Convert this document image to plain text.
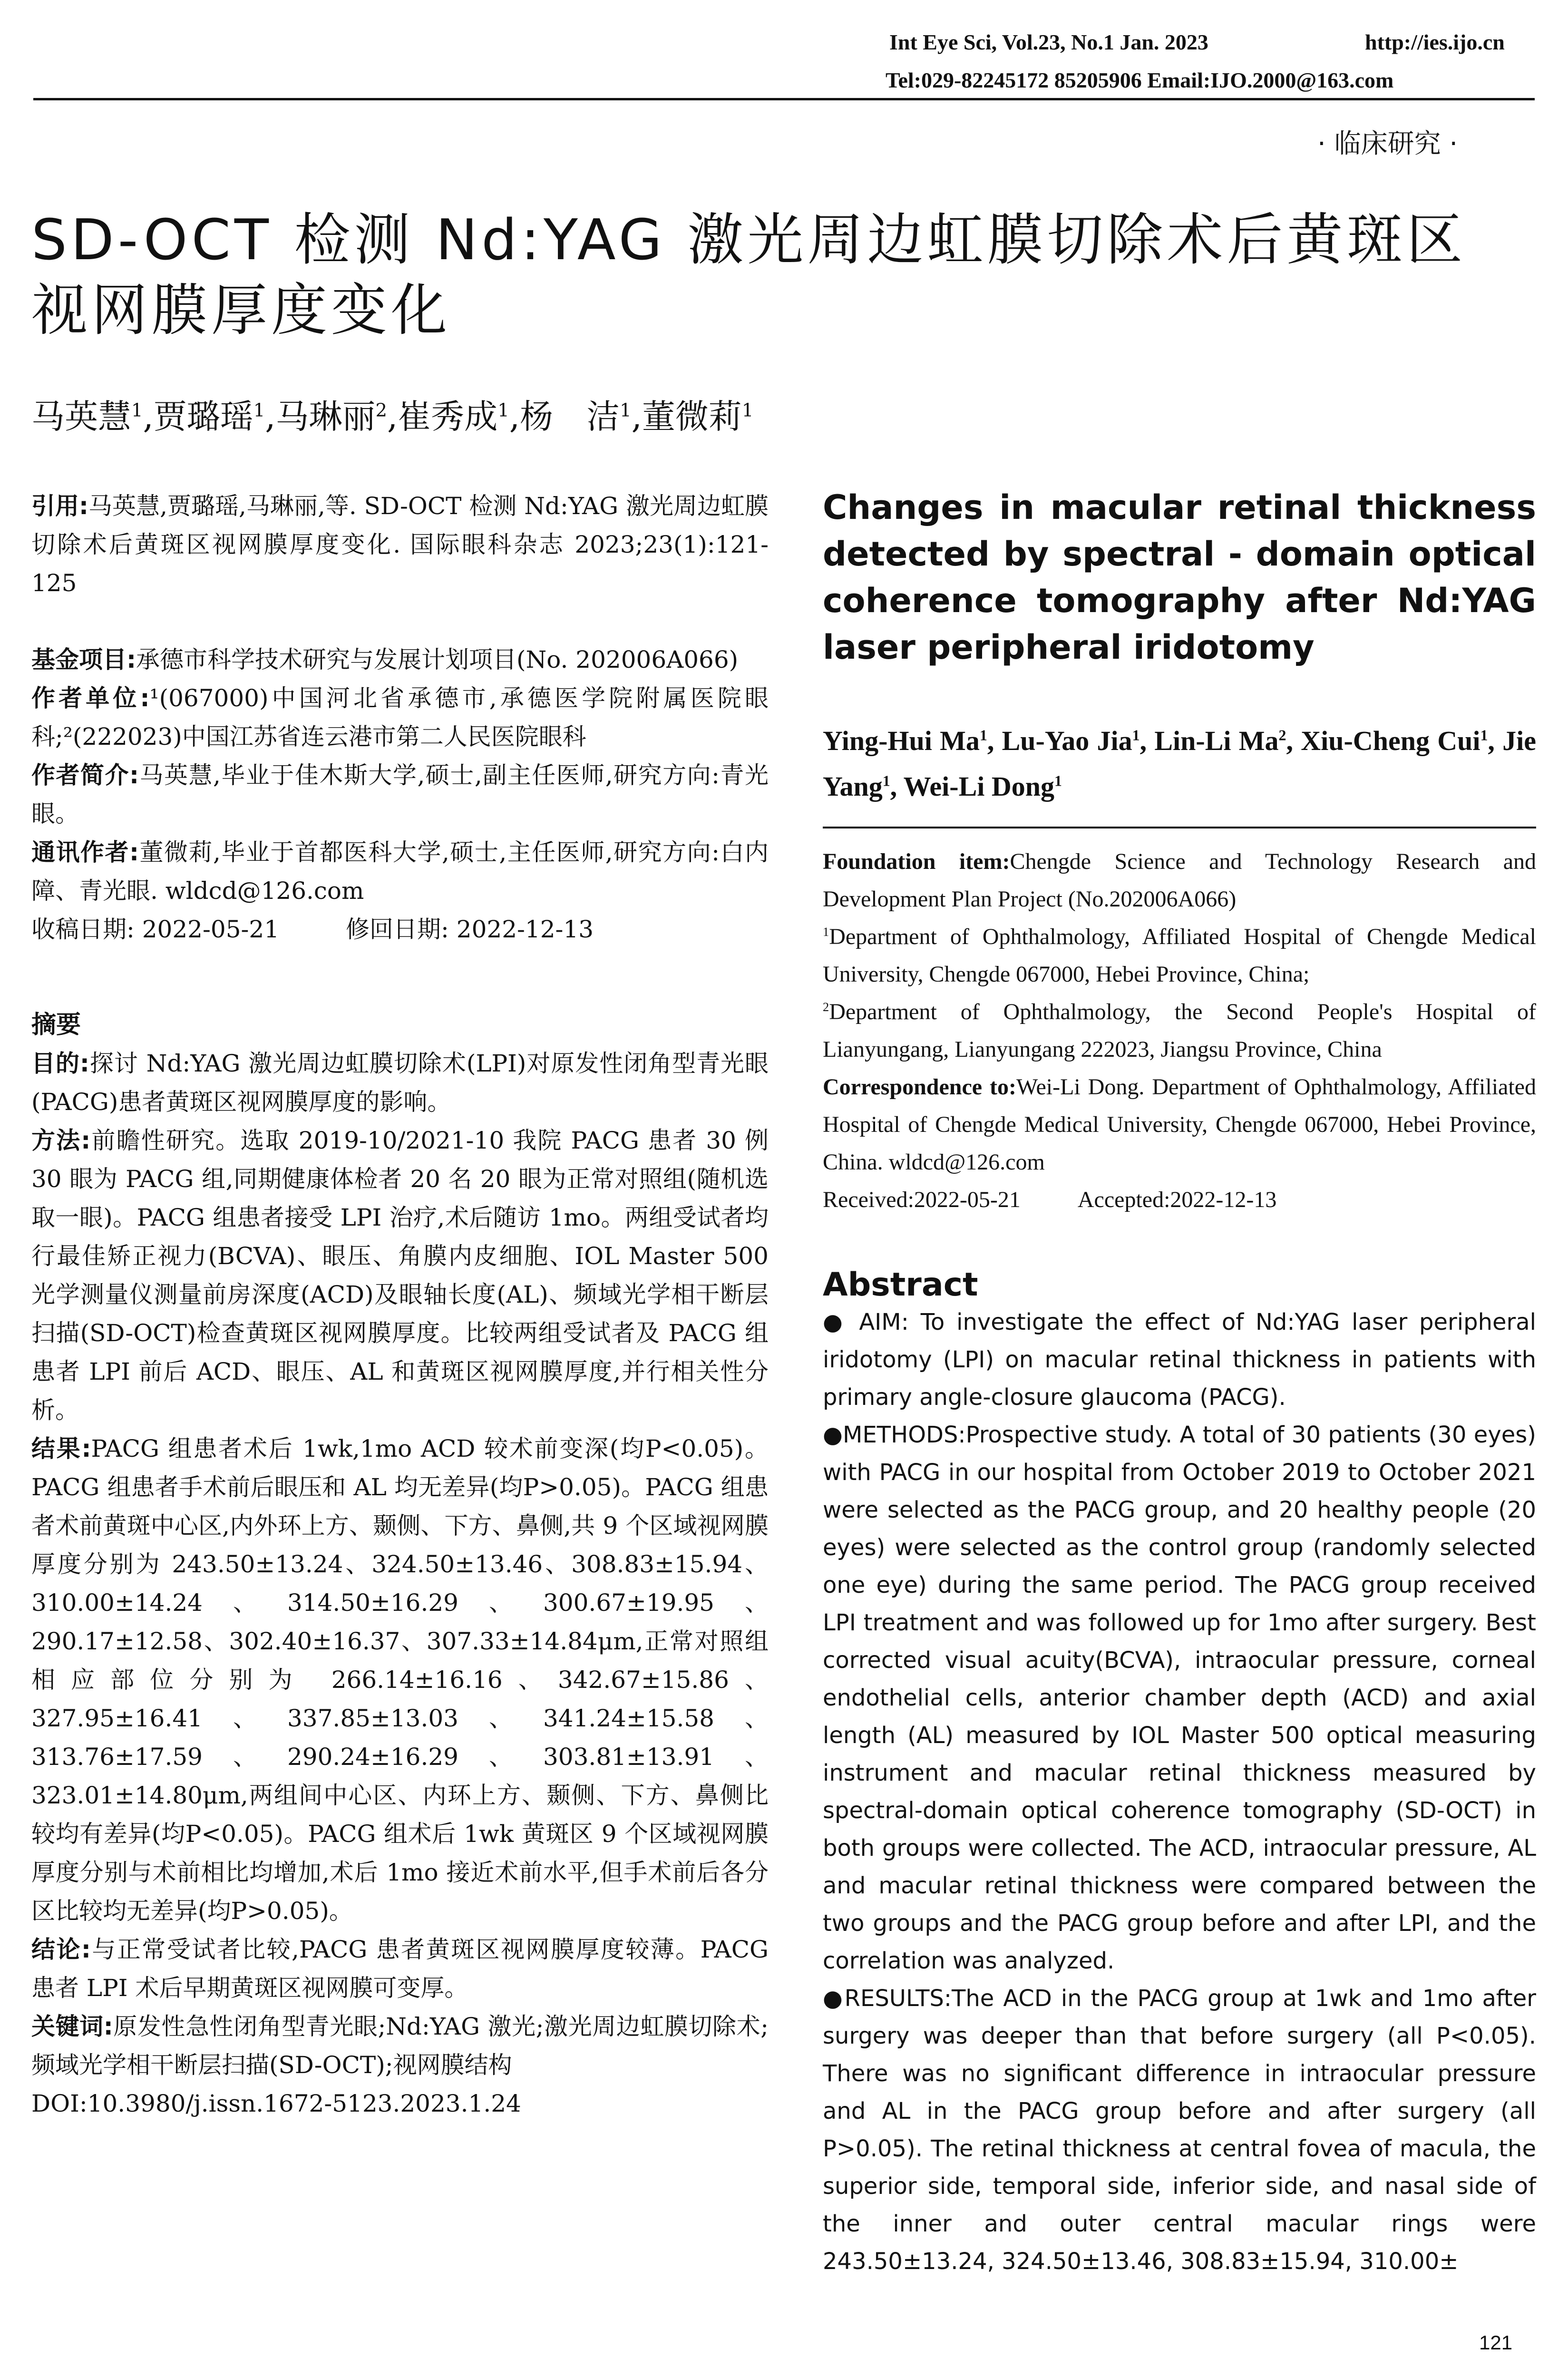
Int Eye Sci, Vol.23, No.1 Jan. 2023	http://ies.ijo.cn
Tel:029-82245172 85205906 Email:IJO.2000@163.com
· 临床研究 ·
SD-OCT 检测 Nd:YAG 激光周边虹膜切除术后黄斑区
视网膜厚度变化
马英慧$^1$,贾璐瑶$^1$,马琳丽$^2$,崔秀成$^1$,杨　洁$^1$,董微莉$^1$

引用:马英慧,贾璐瑶,马琳丽,等. SD-OCT 检测 Nd:YAG 激光周边虹膜切除术后黄斑区视网膜厚度变化. 国际眼科杂志 2023;23(1):121-125

基金项目:承德市科学技术研究与发展计划项目(No. 202006A066)

作者单位:¹(067000)中国河北省承德市,承德医学院附属医院眼科;²(222023)中国江苏省连云港市第二人民医院眼科

作者简介:马英慧,毕业于佳木斯大学,硕士,副主任医师,研究方向:青光眼。

通讯作者:董微莉,毕业于首都医科大学,硕士,主任医师,研究方向:白内障、青光眼. wldcd@126.com

收稿日期: 2022-05-21	修回日期: 2022-12-13

摘要

目的:探讨 Nd:YAG 激光周边虹膜切除术(LPI)对原发性闭角型青光眼(PACG)患者黄斑区视网膜厚度的影响。

方法:前瞻性研究。选取 2019-10/2021-10 我院 PACG 患者 30 例 30 眼为 PACG 组,同期健康体检者 20 名 20 眼为正常对照组(随机选取一眼)。PACG 组患者接受 LPI 治疗,术后随访 1mo。两组受试者均行最佳矫正视力(BCVA)、眼压、角膜内皮细胞、IOL Master 500 光学测量仪测量前房深度(ACD)及眼轴长度(AL)、频域光学相干断层扫描(SD-OCT)检查黄斑区视网膜厚度。比较两组受试者及 PACG 组患者 LPI 前后 ACD、眼压、AL 和黄斑区视网膜厚度,并行相关性分析。

结果:PACG 组患者术后 1wk,1mo ACD 较术前变深(均P<0.05)。PACG 组患者手术前后眼压和 AL 均无差异(均P>0.05)。PACG 组患者术前黄斑中心区,内外环上方、颞侧、下方、鼻侧,共 9 个区域视网膜厚度分别为 243.50±13.24、324.50±13.46、308.83±15.94、310.00±14.24、314.50±16.29、300.67±19.95、290.17±12.58、302.40±16.37、307.33±14.84μm,正常对照组相应部位分别为 266.14±16.16、342.67±15.86、327.95±16.41、337.85±13.03、341.24±15.58、313.76±17.59、290.24±16.29、303.81±13.91、323.01±14.80μm,两组间中心区、内环上方、颞侧、下方、鼻侧比较均有差异(均P<0.05)。PACG 组术后 1wk 黄斑区 9 个区域视网膜厚度分别与术前相比均增加,术后 1mo 接近术前水平,但手术前后各分区比较均无差异(均P>0.05)。

结论:与正常受试者比较,PACG 患者黄斑区视网膜厚度较薄。PACG 患者 LPI 术后早期黄斑区视网膜可变厚。

关键词:原发性急性闭角型青光眼;Nd:YAG 激光;激光周边虹膜切除术;频域光学相干断层扫描(SD-OCT);视网膜结构

DOI:10.3980/j.issn.1672-5123.2023.1.24

Changes in macular retinal thickness detected by spectral - domain optical coherence tomography after Nd:YAG laser peripheral iridotomy

Ying-Hui Ma$^1$, Lu-Yao Jia$^1$, Lin-Li Ma$^2$, Xiu-Cheng Cui$^1$, Jie Yang$^1$, Wei-Li Dong$^1$

Foundation item:Chengde Science and Technology Research and Development Plan Project (No.202006A066)

$^1$Department of Ophthalmology, Affiliated Hospital of Chengde Medical University, Chengde 067000, Hebei Province, China;

$^2$Department of Ophthalmology, the Second People's Hospital of Lianyungang, Lianyungang 222023, Jiangsu Province, China

Correspondence to:Wei-Li Dong. Department of Ophthalmology, Affiliated Hospital of Chengde Medical University, Chengde 067000, Hebei Province, China. wldcd@126.com

Received:2022-05-21	Accepted:2022-12-13

Abstract

● AIM: To investigate the effect of Nd:YAG laser peripheral iridotomy (LPI) on macular retinal thickness in patients with primary angle-closure glaucoma (PACG).

●METHODS:Prospective study. A total of 30 patients (30 eyes) with PACG in our hospital from October 2019 to October 2021 were selected as the PACG group, and 20 healthy people (20 eyes) were selected as the control group (randomly selected one eye) during the same period. The PACG group received LPI treatment and was followed up for 1mo after surgery. Best corrected visual acuity(BCVA), intraocular pressure, corneal endothelial cells, anterior chamber depth (ACD) and axial length (AL) measured by IOL Master 500 optical measuring instrument and macular retinal thickness measured by spectral-domain optical coherence tomography (SD-OCT) in both groups were collected. The ACD, intraocular pressure, AL and macular retinal thickness were compared between the two groups and the PACG group before and after LPI, and the correlation was analyzed.

●RESULTS:The ACD in the PACG group at 1wk and 1mo after surgery was deeper than that before surgery (all P<0.05). There was no significant difference in intraocular pressure and AL in the PACG group before and after surgery (all P>0.05). The retinal thickness at central fovea of macula, the superior side, temporal side, inferior side, and nasal side of the inner and outer central macular rings were 243.50±13.24, 324.50±13.46, 308.83±15.94, 310.00±

121
